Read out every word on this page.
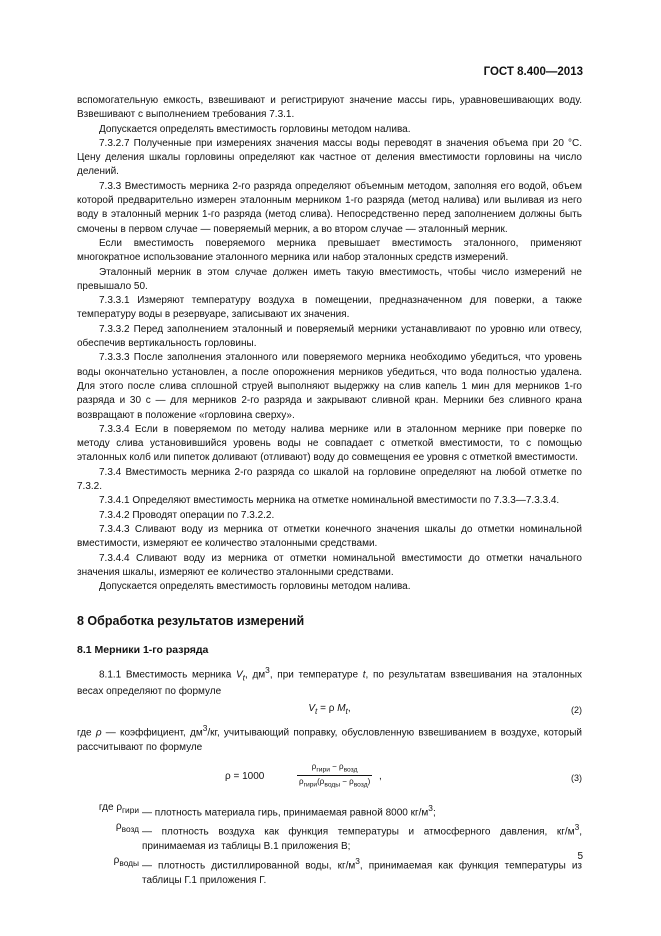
ГОСТ 8.400—2013

вспомогательную емкость, взвешивают и регистрируют значение массы гирь, уравновешивающих воду. Взвешивают с выполнением требования 7.3.1.

Допускается определять вместимость горловины методом налива.

7.3.2.7 Полученные при измерениях значения массы воды переводят в значения объема при 20 °C. Цену деления шкалы горловины определяют как частное от деления вместимости горловины на число делений.

7.3.3 Вместимость мерника 2-го разряда определяют объемным методом, заполняя его водой, объем которой предварительно измерен эталонным мерником 1-го разряда (метод налива) или выливая из него воду в эталонный мерник 1-го разряда (метод слива). Непосредственно перед заполнением должны быть смочены в первом случае — поверяемый мерник, а во втором случае — эталонный мерник.

Если вместимость поверяемого мерника превышает вместимость эталонного, применяют многократное использование эталонного мерника или набор эталонных средств измерений.

Эталонный мерник в этом случае должен иметь такую вместимость, чтобы число измерений не превышало 50.

7.3.3.1 Измеряют температуру воздуха в помещении, предназначенном для поверки, а также температуру воды в резервуаре, записывают их значения.

7.3.3.2 Перед заполнением эталонный и поверяемый мерники устанавливают по уровню или отвесу, обеспечив вертикальность горловины.

7.3.3.3 После заполнения эталонного или поверяемого мерника необходимо убедиться, что уровень воды окончательно установлен, а после опорожнения мерников убедиться, что вода полностью удалена. Для этого после слива сплошной струей выполняют выдержку на слив капель 1 мин для мерников 1-го разряда и 30 с — для мерников 2-го разряда и закрывают сливной кран. Мерники без сливного крана возвращают в положение «горловина сверху».

7.3.3.4 Если в поверяемом по методу налива мернике или в эталонном мернике при поверке по методу слива установившийся уровень воды не совпадает с отметкой вместимости, то с помощью эталонных колб или пипеток доливают (отливают) воду до совмещения ее уровня с отметкой вместимости.

7.3.4 Вместимость мерника 2-го разряда со шкалой на горловине определяют на любой отметке по 7.3.2.

7.3.4.1 Определяют вместимость мерника на отметке номинальной вместимости по 7.3.3—7.3.3.4.

7.3.4.2 Проводят операции по 7.3.2.2.

7.3.4.3 Сливают воду из мерника от отметки конечного значения шкалы до отметки номинальной вместимости, измеряют ее количество эталонными средствами.

7.3.4.4 Сливают воду из мерника от отметки номинальной вместимости до отметки начального значения шкалы, измеряют ее количество эталонными средствами.

Допускается определять вместимость горловины методом налива.

8 Обработка результатов измерений
8.1 Мерники 1-го разряда

8.1.1 Вместимость мерника $V_t$, $дм^3$, при температуре t, по результатам взвешивания на эталонных весах определяют по формуле

$V_t = \rho$ $M_t$,	(2)

где ρ — коэффициент, $дм^3/кг$, учитывающий поправку, обусловленную взвешиванием в воздухе, который рассчитывают по формуле

ρ = 1000
$\rho_{гири} - \rho_{возд}$
$\rho_{гири}(\rho_{воды} - \rho_{возд})$
,	(3)
где $\rho_{гири}$ — плотность материала гирь, принимаемая равной 8000 $кг/м^3$;
$\rho_{возд}$ — плотность воздуха как функция температуры и атмосферного давления, $кг/м^3$, принимаемая из таблицы В.1 приложения В;
$\rho_{воды}$ — плотность дистиллированной воды, $кг/м^3$, принимаемая как функция температуры из таблицы Г.1 приложения Г.
5
